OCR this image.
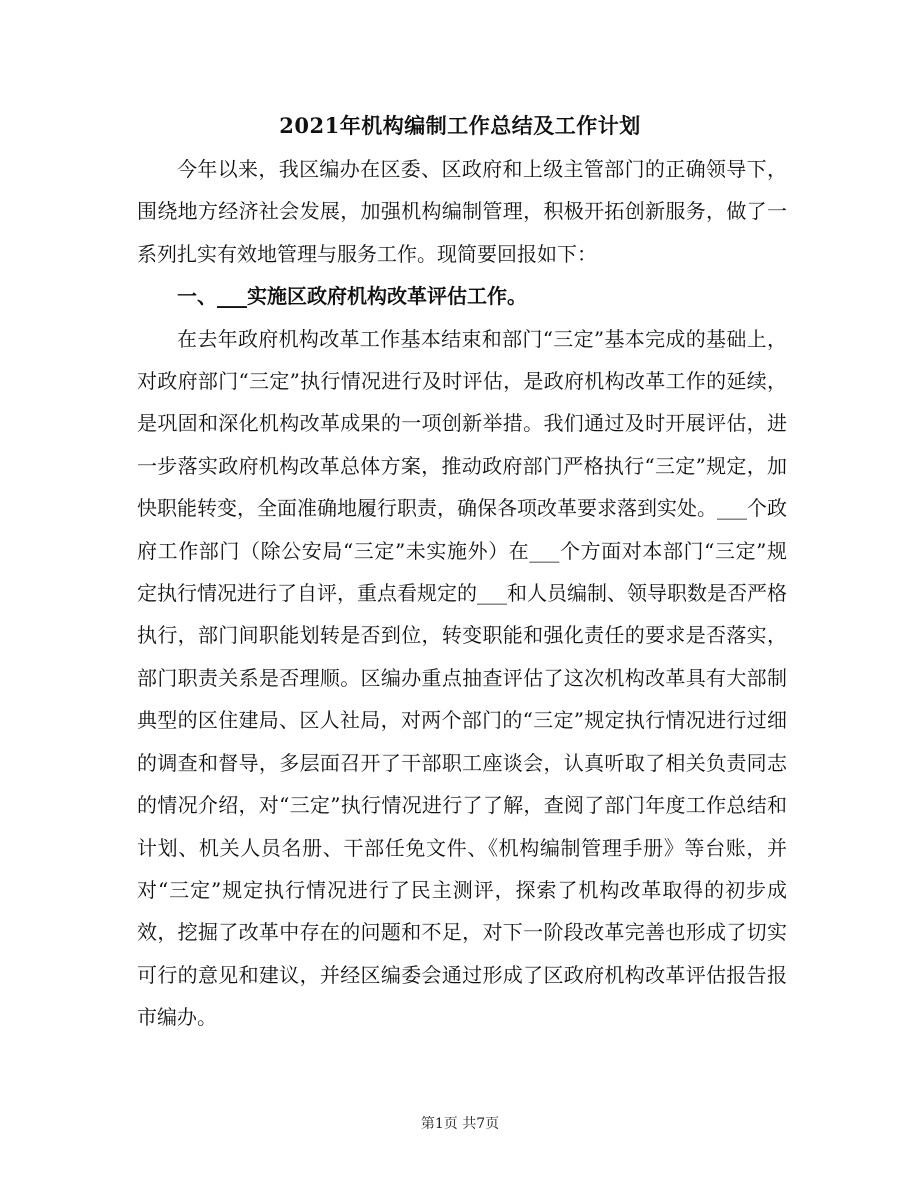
2021年机构编制工作总结及工作计划

今年以来，我区编办在区委、区政府和上级主管部门的正确领导下，围绕地方经济社会发展，加强机构编制管理，积极开拓创新服务，做了一系列扎实有效地管理与服务工作。现简要回报如下：

一、___实施区政府机构改革评估工作。

在去年政府机构改革工作基本结束和部门“三定”基本完成的基础上，对政府部门“三定”执行情况进行及时评估，是政府机构改革工作的延续，是巩固和深化机构改革成果的一项创新举措。我们通过及时开展评估，进一步落实政府机构改革总体方案，推动政府部门严格执行“三定”规定，加快职能转变，全面准确地履行职责，确保各项改革要求落到实处。___个政府工作部门（除公安局“三定”未实施外）在___个方面对本部门“三定”规定执行情况进行了自评，重点看规定的___和人员编制、领导职数是否严格执行，部门间职能划转是否到位，转变职能和强化责任的要求是否落实，部门职责关系是否理顺。区编办重点抽查评估了这次机构改革具有大部制典型的区住建局、区人社局，对两个部门的“三定”规定执行情况进行过细的调查和督导，多层面召开了干部职工座谈会，认真听取了相关负责同志的情况介绍，对“三定”执行情况进行了了解，查阅了部门年度工作总结和计划、机关人员名册、干部任免文件、《机构编制管理手册》等台账，并对“三定”规定执行情况进行了民主测评，探索了机构改革取得的初步成效，挖掘了改革中存在的问题和不足，对下一阶段改革完善也形成了切实可行的意见和建议，并经区编委会通过形成了区政府机构改革评估报告报市编办。

第1页 共7页
